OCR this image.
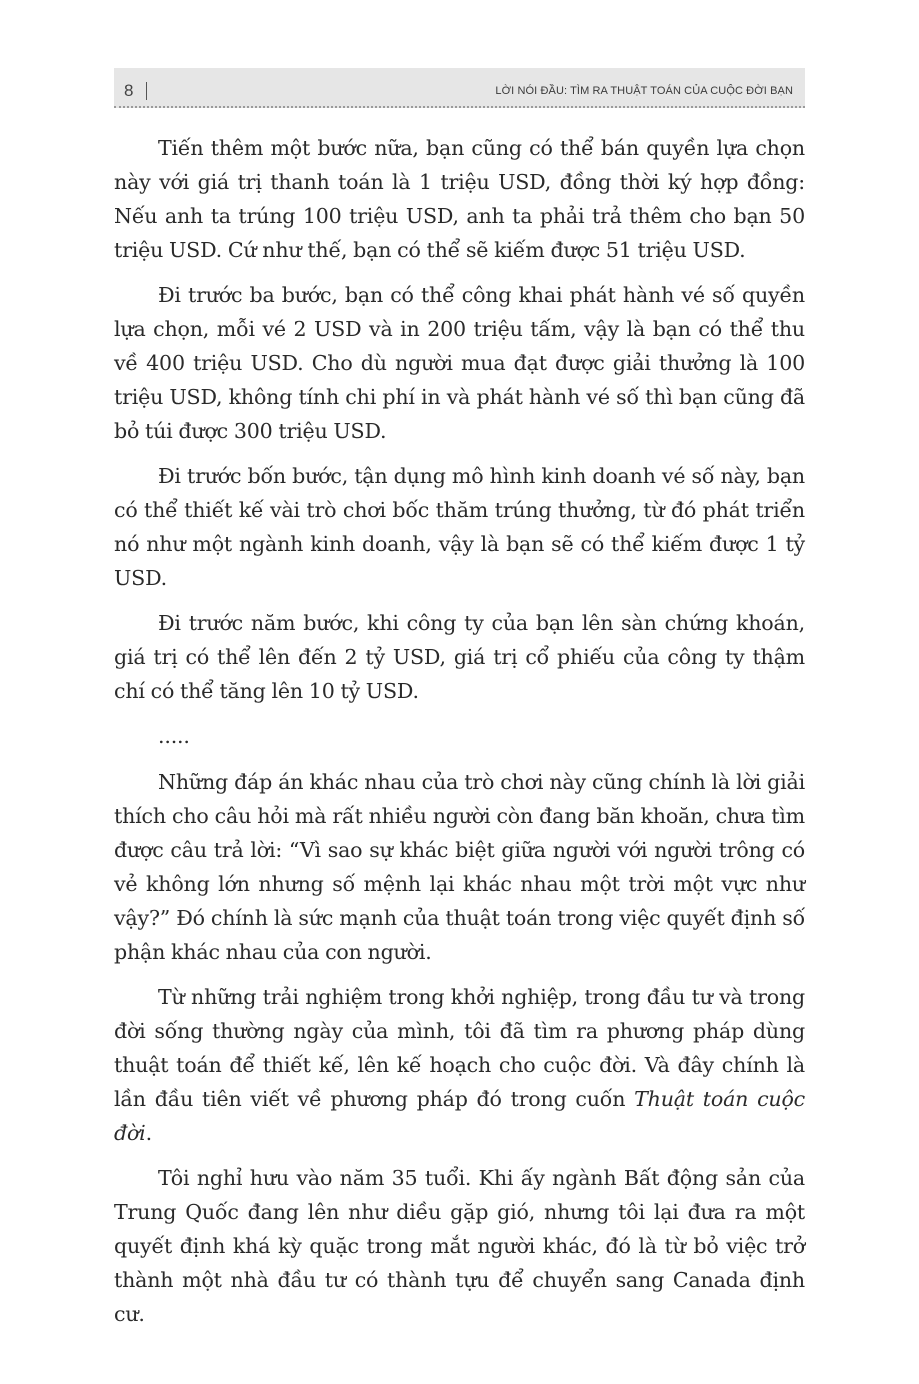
8	LỜI NÓI ĐẦU: TÌM RA THUẬT TOÁN CỦA CUỘC ĐỜI BẠN

Tiến thêm một bước nữa, bạn cũng có thể bán quyền lựa chọn này với giá trị thanh toán là 1 triệu USD, đồng thời ký hợp đồng: Nếu anh ta trúng 100 triệu USD, anh ta phải trả thêm cho bạn 50 triệu USD. Cứ như thế, bạn có thể sẽ kiếm được 51 triệu USD.

Đi trước ba bước, bạn có thể công khai phát hành vé số quyền lựa chọn, mỗi vé 2 USD và in 200 triệu tấm, vậy là bạn có thể thu về 400 triệu USD. Cho dù người mua đạt được giải thưởng là 100 triệu USD, không tính chi phí in và phát hành vé số thì bạn cũng đã bỏ túi được 300 triệu USD.

Đi trước bốn bước, tận dụng mô hình kinh doanh vé số này, bạn có thể thiết kế vài trò chơi bốc thăm trúng thưởng, từ đó phát triển nó như một ngành kinh doanh, vậy là bạn sẽ có thể kiếm được 1 tỷ USD.

Đi trước năm bước, khi công ty của bạn lên sàn chứng khoán, giá trị có thể lên đến 2 tỷ USD, giá trị cổ phiếu của công ty thậm chí có thể tăng lên 10 tỷ USD.

.....

Những đáp án khác nhau của trò chơi này cũng chính là lời giải thích cho câu hỏi mà rất nhiều người còn đang băn khoăn, chưa tìm được câu trả lời: “Vì sao sự khác biệt giữa người với người trông có vẻ không lớn nhưng số mệnh lại khác nhau một trời một vực như vậy?” Đó chính là sức mạnh của thuật toán trong việc quyết định số phận khác nhau của con người.

Từ những trải nghiệm trong khởi nghiệp, trong đầu tư và trong đời sống thường ngày của mình, tôi đã tìm ra phương pháp dùng thuật toán để thiết kế, lên kế hoạch cho cuộc đời. Và đây chính là lần đầu tiên viết về phương pháp đó trong cuốn Thuật toán cuộc đời.

Tôi nghỉ hưu vào năm 35 tuổi. Khi ấy ngành Bất động sản của Trung Quốc đang lên như diều gặp gió, nhưng tôi lại đưa ra một quyết định khá kỳ quặc trong mắt người khác, đó là từ bỏ việc trở thành một nhà đầu tư có thành tựu để chuyển sang Canada định cư.
